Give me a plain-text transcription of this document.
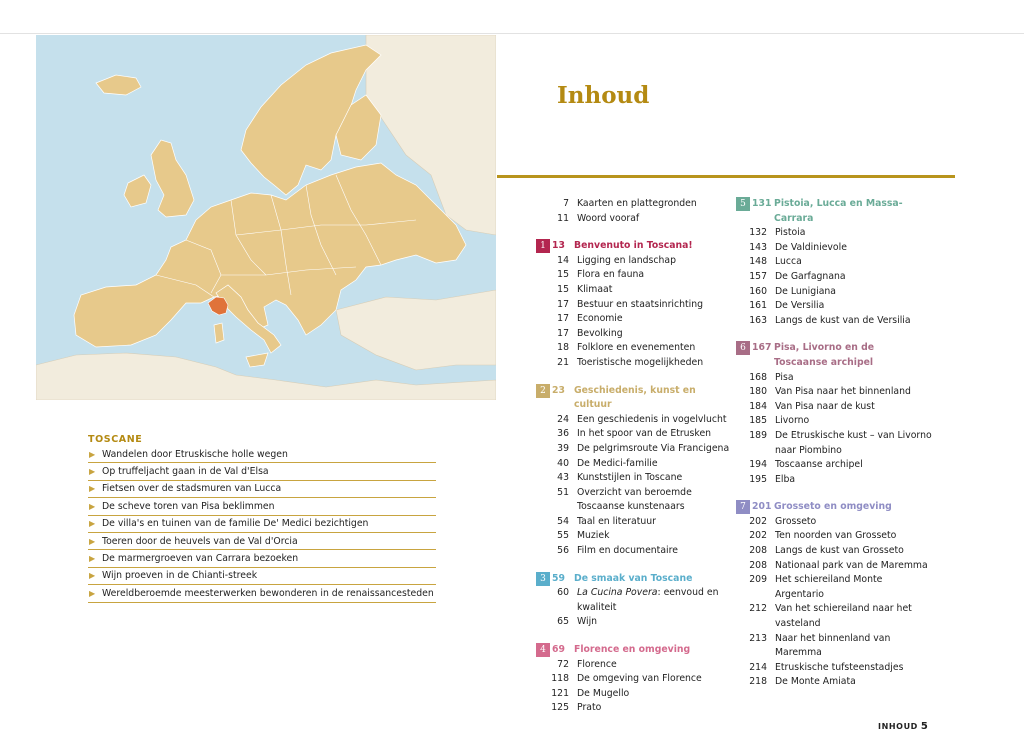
Inhoud
7 Kaarten en plattegronden
11 Woord vooraf
1 13 Benvenuto in Toscana!
14 Ligging en landschap
15 Flora en fauna
15 Klimaat
17 Bestuur en staatsinrichting
17 Economie
17 Bevolking
18 Folklore en evenementen
21 Toeristische mogelijkheden
2 23 Geschiedenis, kunst en cultuur
24 Een geschiedenis in vogelvlucht
36 In het spoor van de Etrusken
39 De pelgrimsroute Via Francigena
40 De Medici-familie
43 Kunststijlen in Toscane
51 Overzicht van beroemde Toscaanse kunstenaars
54 Taal en literatuur
55 Muziek
56 Film en documentaire
3 59 De smaak van Toscane
60 La Cucina Povera: eenvoud en kwaliteit
65 Wijn
4 69 Florence en omgeving
72 Florence
118 De omgeving van Florence
121 De Mugello
125 Prato
5 131 Pistoia, Lucca en Massa-Carrara
132 Pistoia
143 De Valdinievole
148 Lucca
157 De Garfagnana
160 De Lunigiana
161 De Versilia
163 Langs de kust van de Versilia
6 167 Pisa, Livorno en de Toscaanse archipel
168 Pisa
180 Van Pisa naar het binnenland
184 Van Pisa naar de kust
185 Livorno
189 De Etruskische kust – van Livorno naar Piombino
194 Toscaanse archipel
195 Elba
7 201 Grosseto en omgeving
202 Grosseto
202 Ten noorden van Grosseto
208 Langs de kust van Grosseto
208 Nationaal park van de Maremma
209 Het schiereiland Monte Argentario
212 Van het schiereiland naar het vasteland
213 Naar het binnenland van Maremma
214 Etruskische tufsteenstadjes
218 De Monte Amiata
TOSCANE
▶ Wandelen door Etruskische holle wegen
▶ Op truffeljacht gaan in de Val d'Elsa
▶ Fietsen over de stadsmuren van Lucca
▶ De scheve toren van Pisa beklimmen
▶ De villa's en tuinen van de familie De' Medici bezichtigen
▶ Toeren door de heuvels van de Val d'Orcia
▶ De marmergroeven van Carrara bezoeken
▶ Wijn proeven in de Chianti-streek
▶ Wereldberoemde meesterwerken bewonderen in de renaissancesteden
INHOUD 5
